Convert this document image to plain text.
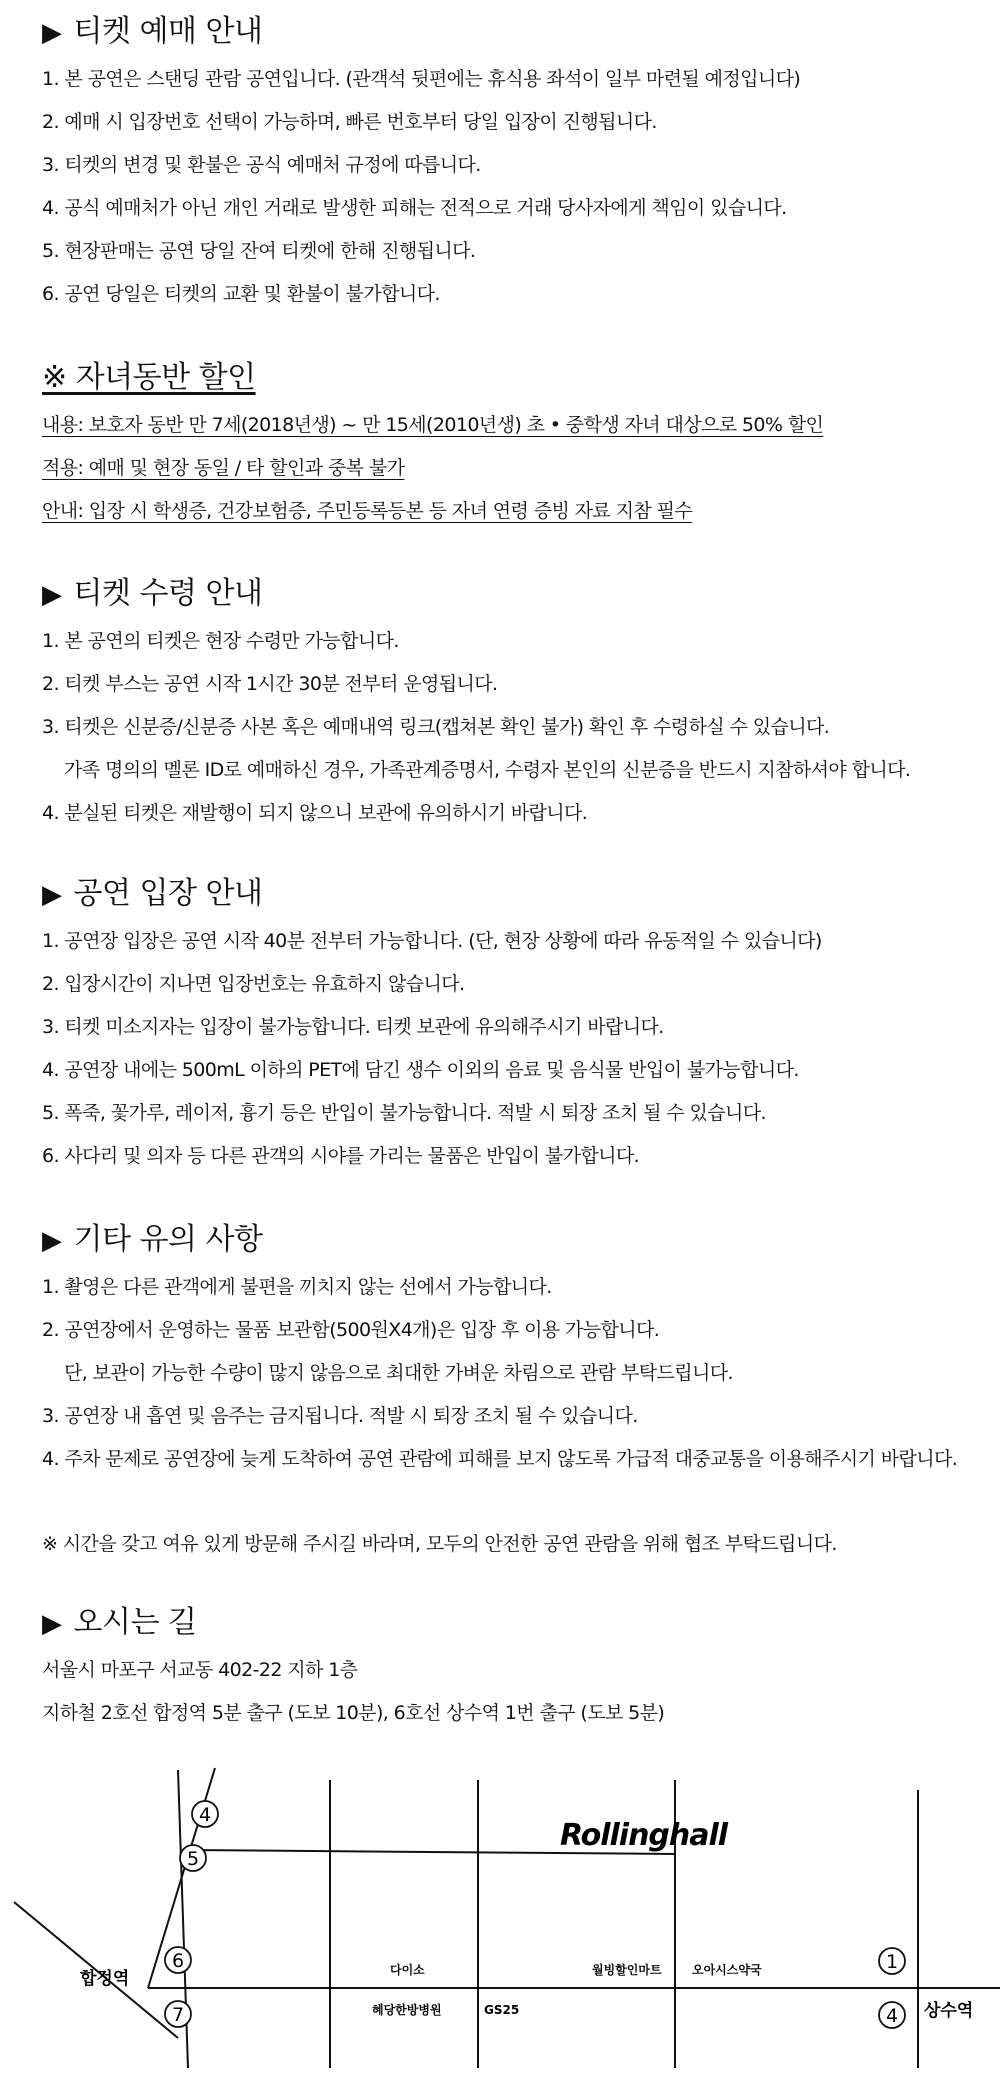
▶ 티켓 예매 안내
1. 본 공연은 스탠딩 관람 공연입니다. (관객석 뒷편에는 휴식용 좌석이 일부 마련될 예정입니다)
2. 예매 시 입장번호 선택이 가능하며, 빠른 번호부터 당일 입장이 진행됩니다.
3. 티켓의 변경 및 환불은 공식 예매처 규정에 따릅니다.
4. 공식 예매처가 아닌 개인 거래로 발생한 피해는 전적으로 거래 당사자에게 책임이 있습니다.
5. 현장판매는 공연 당일 잔여 티켓에 한해 진행됩니다.
6. 공연 당일은 티켓의 교환 및 환불이 불가합니다.
※ 자녀동반 할인
내용: 보호자 동반 만 7세(2018년생) ~ 만 15세(2010년생) 초 • 중학생 자녀 대상으로 50% 할인
적용: 예매 및 현장 동일 / 타 할인과 중복 불가
안내: 입장 시 학생증, 건강보험증, 주민등록등본 등 자녀 연령 증빙 자료 지참 필수
▶ 티켓 수령 안내
1. 본 공연의 티켓은 현장 수령만 가능합니다.
2. 티켓 부스는 공연 시작 1시간 30분 전부터 운영됩니다.
3. 티켓은 신분증/신분증 사본 혹은 예매내역 링크(캡쳐본 확인 불가) 확인 후 수령하실 수 있습니다.
가족 명의의 멜론 ID로 예매하신 경우, 가족관계증명서, 수령자 본인의 신분증을 반드시 지참하셔야 합니다.
4. 분실된 티켓은 재발행이 되지 않으니 보관에 유의하시기 바랍니다.
▶ 공연 입장 안내
1. 공연장 입장은 공연 시작 40분 전부터 가능합니다. (단, 현장 상황에 따라 유동적일 수 있습니다)
2. 입장시간이 지나면 입장번호는 유효하지 않습니다.
3. 티켓 미소지자는 입장이 불가능합니다. 티켓 보관에 유의해주시기 바랍니다.
4. 공연장 내에는 500mL 이하의 PET에 담긴 생수 이외의 음료 및 음식물 반입이 불가능합니다.
5. 폭죽, 꽃가루, 레이저, 흉기 등은 반입이 불가능합니다. 적발 시 퇴장 조치 될 수 있습니다.
6. 사다리 및 의자 등 다른 관객의 시야를 가리는 물품은 반입이 불가합니다.
▶ 기타 유의 사항
1. 촬영은 다른 관객에게 불편을 끼치지 않는 선에서 가능합니다.
2. 공연장에서 운영하는 물품 보관함(500원X4개)은 입장 후 이용 가능합니다.
단, 보관이 가능한 수량이 많지 않음으로 최대한 가벼운 차림으로 관람 부탁드립니다.
3. 공연장 내 흡연 및 음주는 금지됩니다. 적발 시 퇴장 조치 될 수 있습니다.
4. 주차 문제로 공연장에 늦게 도착하여 공연 관람에 피해를 보지 않도록 가급적 대중교통을 이용해주시기 바랍니다.
※ 시간을 갖고 여유 있게 방문해 주시길 바라며, 모두의 안전한 공연 관람을 위해 협조 부탁드립니다.
▶ 오시는 길
서울시 마포구 서교동 402-22 지하 1층
지하철 2호선 합정역 5분 출구 (도보 10분), 6호선 상수역 1번 출구 (도보 5분)
4
5
6
7
1
4
합정역
상수역
Rollinghall
다이소
혜당한방병원	GS25
월빙할인마트	오아시스약국
